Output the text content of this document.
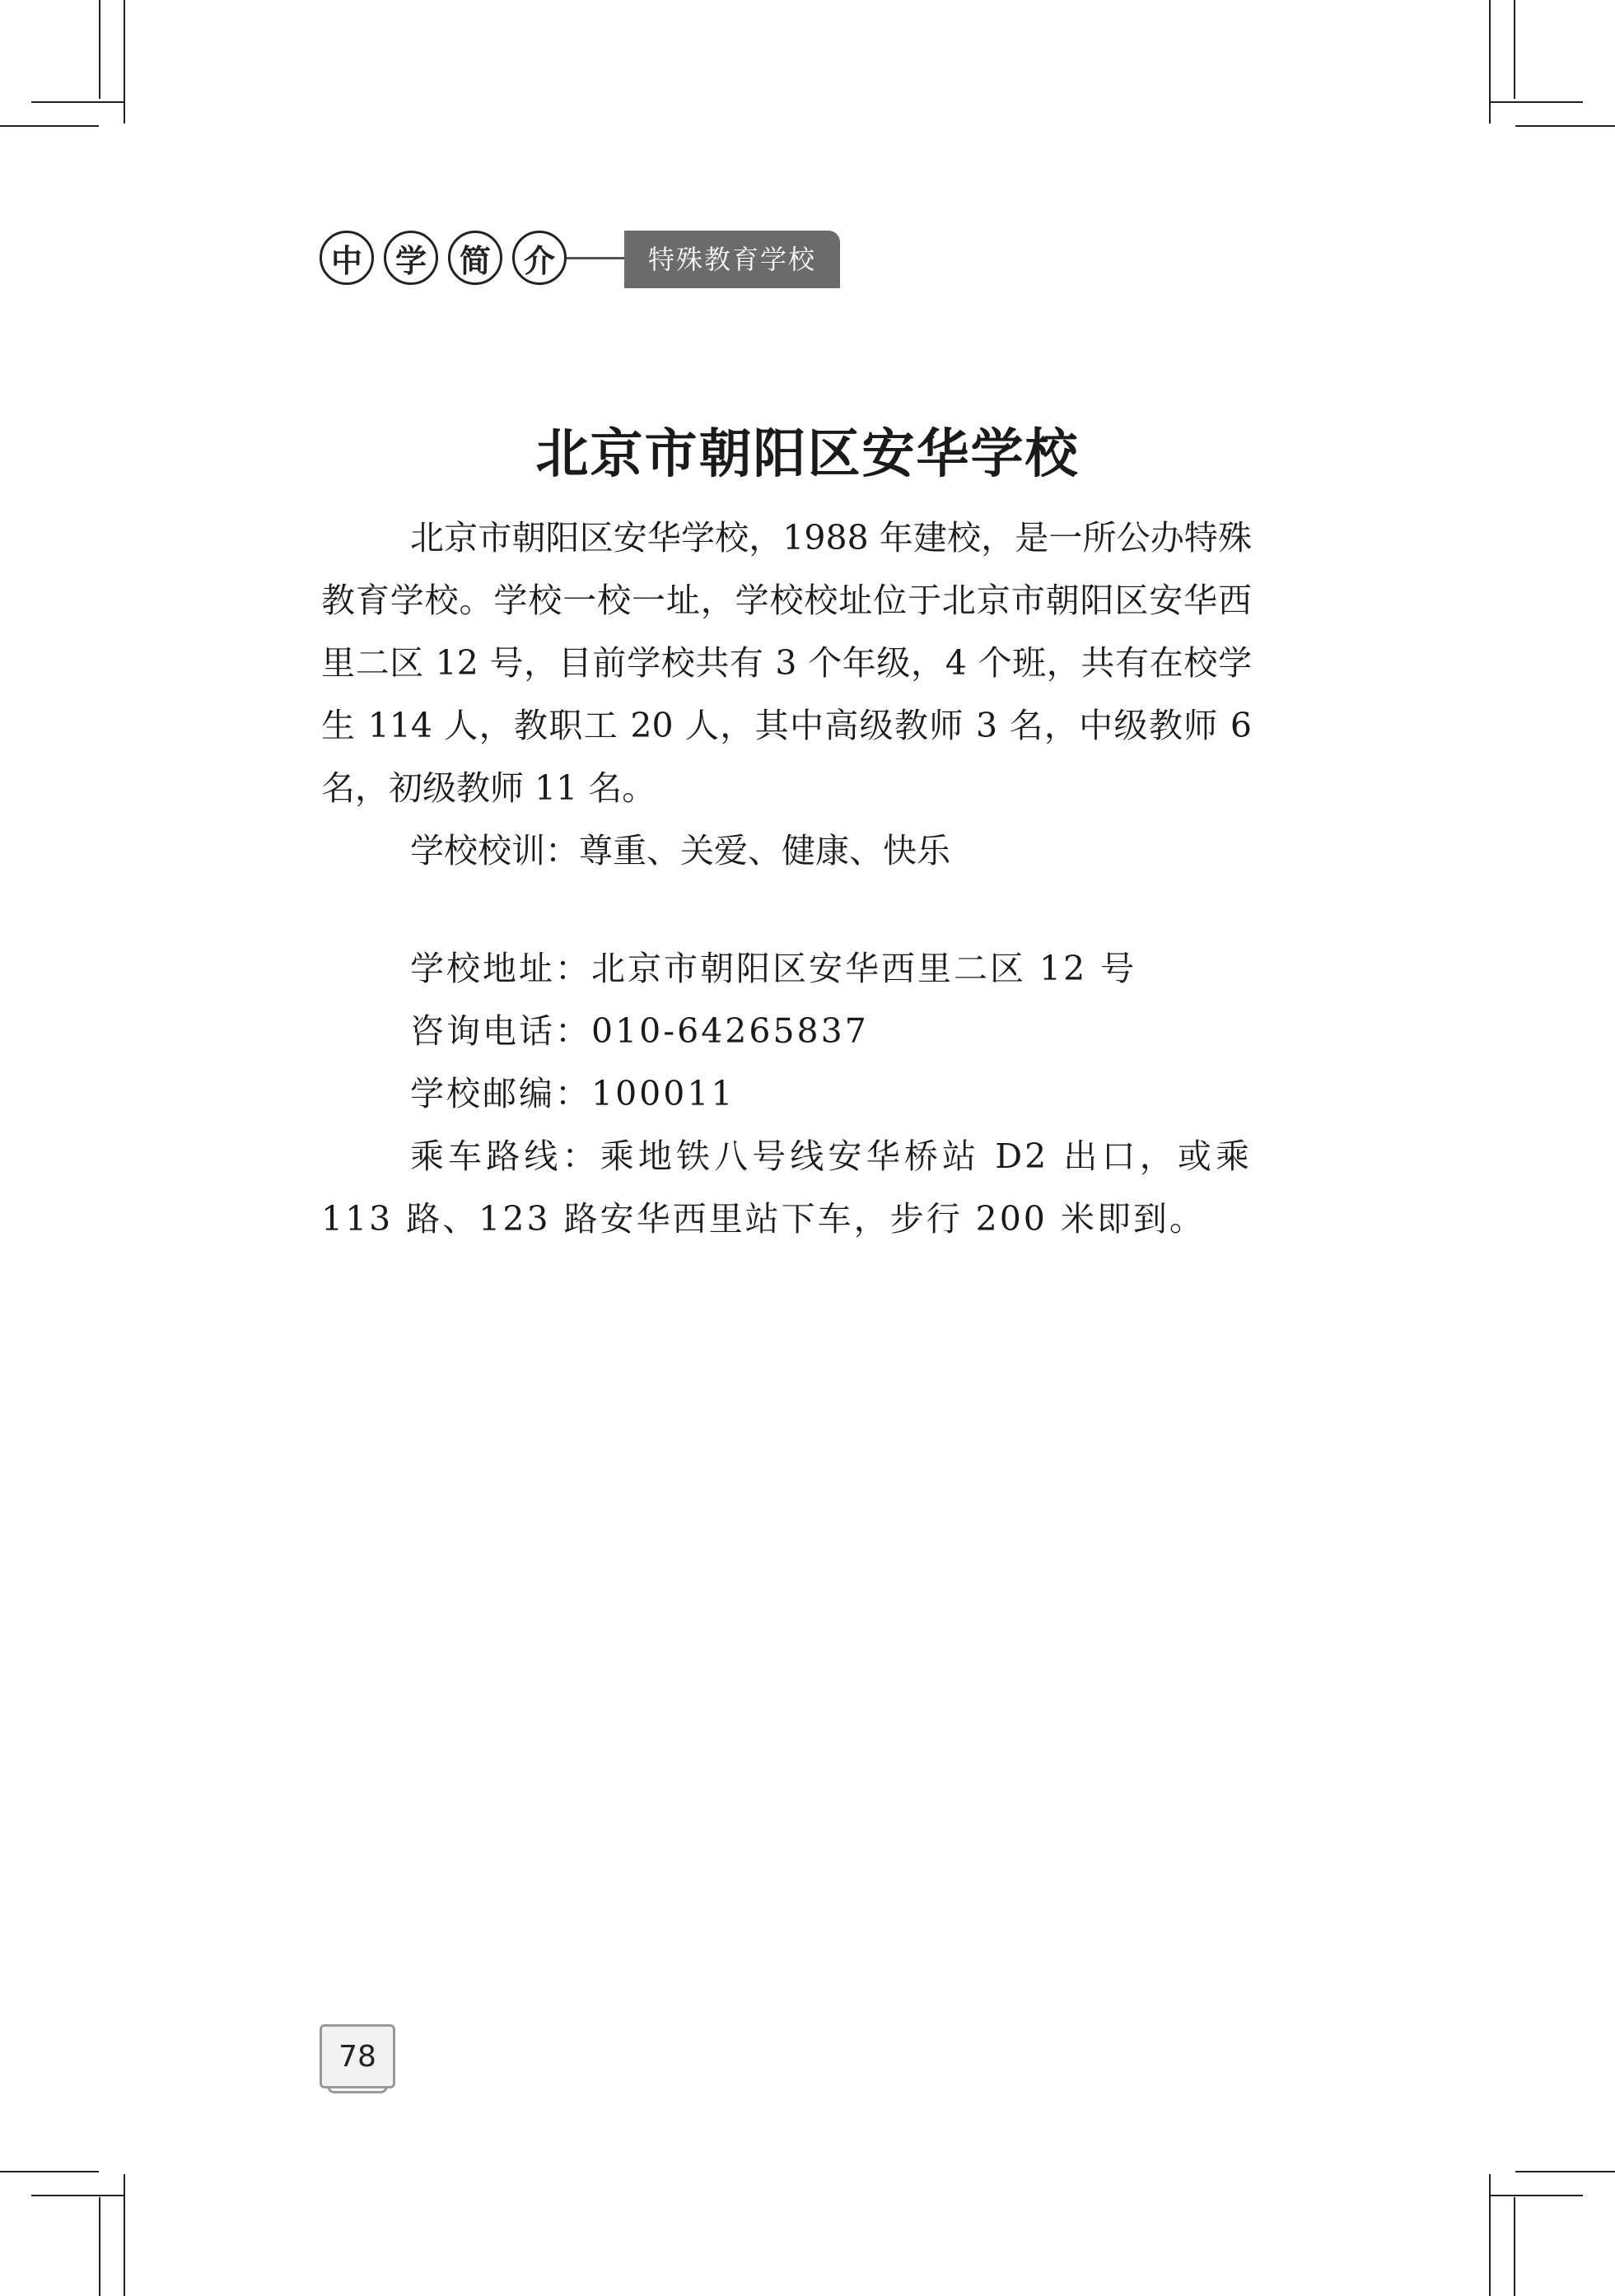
中	学	简	介	特殊教育学校
北京市朝阳区安华学校

北京市朝阳区安华学校，1988 年建校，是一所公办特殊教育学校。学校一校一址，学校校址位于北京市朝阳区安华西里二区 12 号，目前学校共有 3 个年级，4 个班，共有在校学生 114 人，教职工 20 人，其中高级教师 3 名，中级教师 6 名，初级教师 11 名。

学校校训：尊重、关爱、健康、快乐

学校地址：北京市朝阳区安华西里二区 12 号
咨询电话：010-64265837
学校邮编：100011
乘车路线：乘地铁八号线安华桥站 D2 出口，或乘 113 路、123 路安华西里站下车，步行 200 米即到。
78
